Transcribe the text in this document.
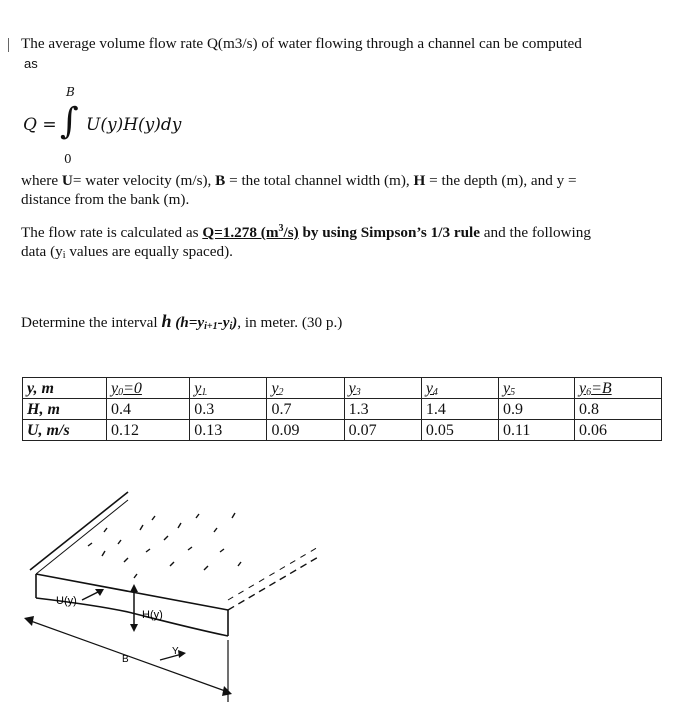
The average volume flow rate Q(m3/s) of water flowing through a channel can be computed
as
Q =
B
∫
0
U(y)H(y)dy
where U= water velocity (m/s), B = the total channel width (m), H = the depth (m), and y =
distance from the bank (m).
The flow rate is calculated as Q=1.278 $(m^3/s)$ by using Simpson’s 1/3 rule and the following
data ($y_i$ values are equally spaced).
Determine the interval h $(h=y_{i+1}-y_i)$, in meter. (30 p.)
y, m	$y_0=0$	$y_1$	$y_2$	$y_3$	$y_4$	$y_5$	$y_6=B$
H, m	0.4	0.3	0.7	1.3	1.4	0.9	0.8
U, m/s	0.12	0.13	0.09	0.07	0.05	0.11	0.06
U(y)
H(y)
B
Y
